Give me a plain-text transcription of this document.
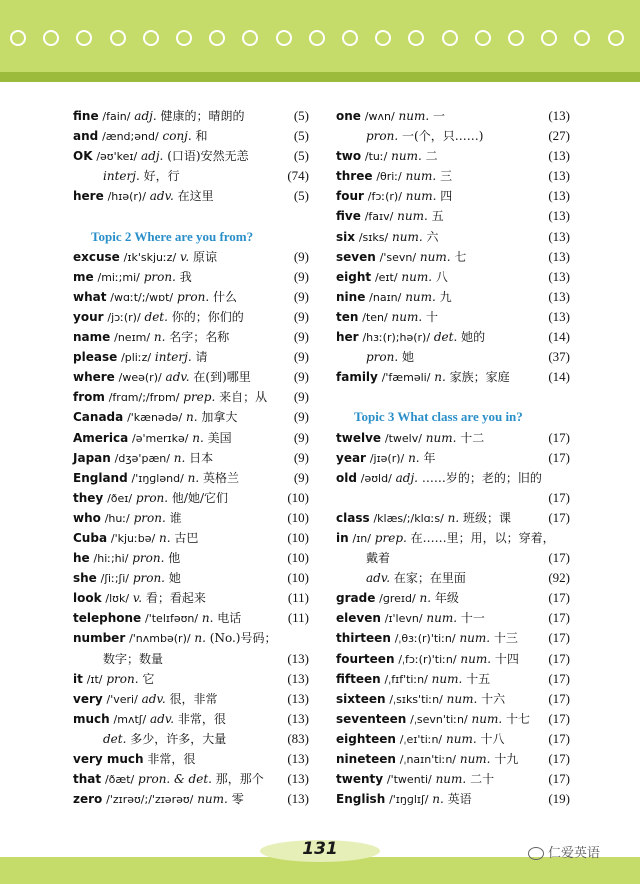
fine /fain/ adj. 健康的；晴朗的	(5)
and /ænd;ənd/ conj. 和	(5)
OK /əʊ'keɪ/ adj. (口语)安然无恙	(5)
interj. 好，行	(74)
here /hɪə(r)/ adv. 在这里	(5)
Topic 2 Where are you from?
excuse /ɪk'skjuːz/ v. 原谅	(9)
me /miː;mi/ pron. 我	(9)
what /wɑːt/;/wɒt/ pron. 什么	(9)
your /jɔː(r)/ det. 你的；你们的	(9)
name /neɪm/ n. 名字；名称	(9)
please /pliːz/ interj. 请	(9)
where /weə(r)/ adv. 在(到)哪里	(9)
from /frɑm/;/frɒm/ prep. 来自；从 (9)
Canada /'kænədə/ n. 加拿大	(9)
America /ə'merɪkə/ n. 美国	(9)
Japan /dʒə'pæn/ n. 日本	(9)
England /'ɪŋɡlənd/ n. 英格兰	(9)
they /ðeɪ/ pron. 他/她/它们	(10)
who /huː/ pron. 谁	(10)
Cuba /'kjuːbə/ n. 古巴	(10)
he /hiː;hi/ pron. 他	(10)
she /ʃiː;ʃi/ pron. 她	(10)
look /lʊk/ v. 看；看起来	(11)
telephone /'telɪfəʊn/ n. 电话	(11)
number /'nʌmbə(r)/ n. (No.)号码；
数字；数量	(13)
it /ɪt/ pron. 它	(13)
very /'veri/ adv. 很，非常	(13)
much /mʌtʃ/ adv. 非常，很	(13)
det. 多少，许多，大量	(83)
very much 非常，很	(13)
that /ðæt/ pron. & det. 那，那个 (13)
zero /'zɪrəʊ/;/'zɪərəʊ/ num. 零	(13)
one /wʌn/ num. 一	(13)
pron. 一(个，只……)	(27)
two /tuː/ num. 二	(13)
three /θriː/ num. 三	(13)
four /fɔː(r)/ num. 四	(13)
five /faɪv/ num. 五	(13)
six /sɪks/ num. 六	(13)
seven /'sevn/ num. 七	(13)
eight /eɪt/ num. 八	(13)
nine /naɪn/ num. 九	(13)
ten /ten/ num. 十	(13)
her /hɜː(r);hə(r)/ det. 她的	(14)
pron. 她	(37)
family /'fæməli/ n. 家族；家庭	(14)
Topic 3 What class are you in?
twelve /twelv/ num. 十二	(17)
year /jɪə(r)/ n. 年	(17)
old /əʊld/ adj. ……岁的；老的；旧的
(17)
class /klæs/;/klɑːs/ n. 班级；课	(17)
in /ɪn/ prep. 在……里；用，以；穿着，
戴着	(17)
adv. 在家；在里面	(92)
grade /ɡreɪd/ n. 年级	(17)
eleven /ɪ'levn/ num. 十一	(17)
thirteen /ˌθɜː(r)'tiːn/ num. 十三 (17)
fourteen /ˌfɔː(r)'tiːn/ num. 十四 (17)
fifteen /ˌfɪf'tiːn/ num. 十五	(17)
sixteen /ˌsɪks'tiːn/ num. 十六	(17)
seventeen /ˌsevn'tiːn/ num. 十七 (17)
eighteen /ˌeɪ'tiːn/ num. 十八	(17)
nineteen /ˌnaɪn'tiːn/ num. 十九 (17)
twenty /'twenti/ num. 二十	(17)
English /'ɪŋɡlɪʃ/ n. 英语	(19)
131	仁爱英语
